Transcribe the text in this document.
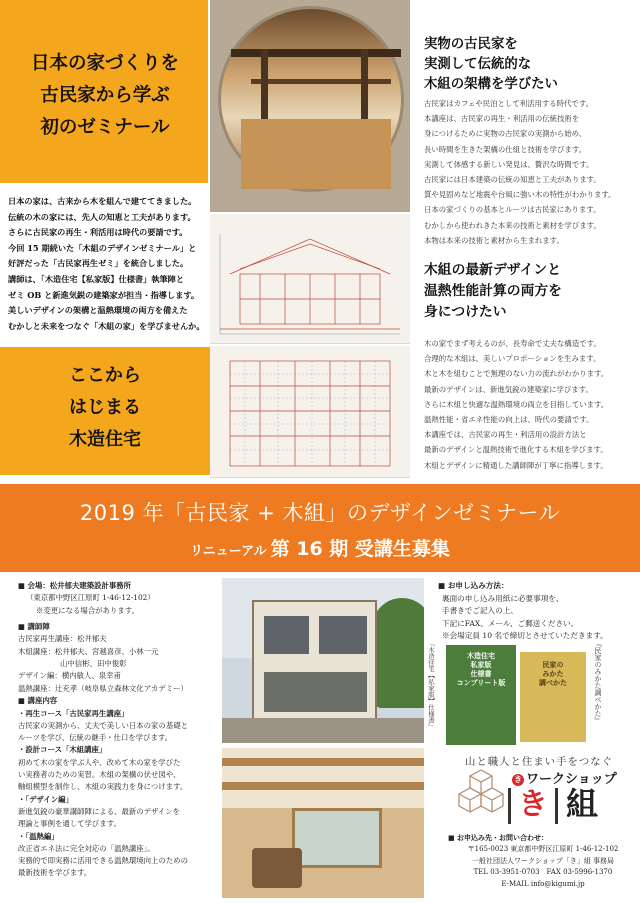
日本の家づくりを
古民家から学ぶ
初のゼミナール
日本の家は、古来から木を組んで建ててきました。
伝統の木の家には、先人の知恵と工夫があります。
さらに古民家の再生・利活用は時代の要請です。
今回 15 期続いた「木組のデザインゼミナール」と
好評だった「古民家再生ゼミ」を統合しました。
講師は、「木造住宅【私家版】仕様書」執筆陣と
ゼミ OB と新進気鋭の建築家が担当・指導します。
美しいデザインの架構と温熱環境の両方を備えた
むかしと未来をつなぐ「木組の家」を学びませんか。
ここから
はじまる
木造住宅
古民家再生の実例
実物の古民家を
実測して伝統的な
木組の架構を学びたい
古民家はカフェや民泊として利活用する時代です。
本講座は、古民家の再生・利活用の伝統技術を
身につけるために実物の古民家の実測から始め、
長い時間を生きた架構の仕組と技術を学びます。
実測して体感する新しい発見は、贅沢な時間です。
古民家には日本建築の伝統の知恵と工夫があります。
質や見固めなど地震や台風に強い木の特性がわかります。
日本の家づくりの基本とルーツは古民家にあります。
むかしから使われきた本来の技術と素材を学びます。
本物は本来の技術と素材から生まれます。
木組の最新デザインと
温熱性能計算の両方を
身につけたい
木の家でまず考えるのが、長寿命で丈夫な構造です。
合理的な木組は、美しいプロポーションを生みます。
木と木を組むことで無理のない力の流れがわかります。
最新のデザインは、新進気鋭の建築家に学びます。
さらに木組と快適な温熱環境の両立を目指しています。
温熱性能・省エネ性能の向上は、時代の要請です。
本講座では、古民家の再生・利活用の設計方法と
最新のデザインと温熱技術で進化する木組を学びます。
木組とデザインに精通した講師陣が丁寧に指導します。
2019 年「古民家 + 木組」のデザインゼミナール
リニューアル 第 16 期 受講生募集
■ 会場：松井郁夫建築設計事務所
（東京都中野区江原町 1-46-12-102）
※変更になる場合があります。
■ 講師陣
古民家再生講座：松井郁夫
木組講座：松井郁夫、宮越喜彦、小林一元
山中信彬、田中俊彰
デザイン編：横内敏人、泉幸甫
温熱講座：辻充孝（岐阜県立森林文化アカデミー）
■ 講座内容
・再生コース「古民家再生講座」
古民家の実測から、丈夫で美しい日本の家の基礎と
ルーツを学び、伝統の継手・仕口を学びます。
・設計コース「木組講座」
初めて木の家を学ぶ人や、改めて木の家を学びた
い実務者のための実習。木組の架構の伏せ図や、
軸組模型を制作し、木組の実践力を身につけます。
・「デザイン編」
新進気鋭の豪華講師陣による、最新のデザインを
理論と事例を通して学びます。
・「温熱編」
改正省エネ法に完全対応の「温熱講座」。
実務的で即実務に活用できる温熱環境向上のための
最新技術を学びます。
■ お申し込み方法：
裏面の申し込み用紙に必要事項を、
手書きでご記入の上、
下記にFAX、メール、ご郵送ください。
※会場定員 10 名で締切とさせていただきます。
木造住宅
私家版
仕様書
コンプリート版
民家の
みかた
調べかた
『木造住宅【私家版】仕様書』	『民家のみかた調べかた』
山と職人と住まい手をつなぐ
き ワークショップ
き 組
■ お申込み先・お問い合わせ：
〒165-0023 東京都中野区江原町 1-46-12-102
一般社団法人ワークショップ「き」組 事務局
TEL 03-3951-0703　FAX 03-5996-1370
E-MAIL info@kigumi.jp
